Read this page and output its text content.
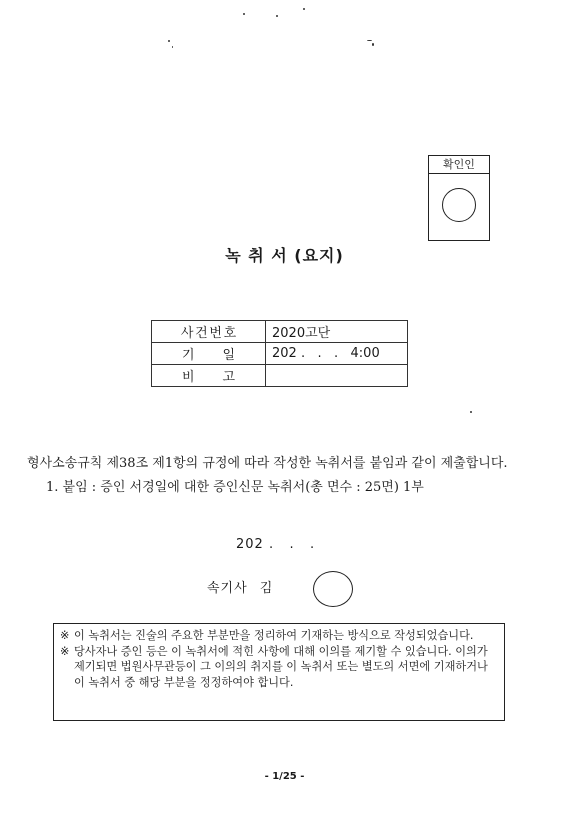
확인인
녹 취 서 (요지)
사 건 번 호	2020고단

기 일	202 .   .   .   4:00

비 고	

형사소송규칙 제38조 제1항의 규정에 따라 작성한 녹취서를 붙임과 같이 제출합니다.
1. 붙임 : 증인 서경일에 대한 증인신문 녹취서(총 면수 : 25면) 1부
202 .   .   .
속기사 김
※ 이 녹취서는 진술의 주요한 부분만을 정리하여 기재하는 방식으로 작성되었습니다.
※ 당사자나 증인 등은 이 녹취서에 적힌 사항에 대해 이의를 제기할 수 있습니다. 이의가 제기되면 법원사무관등이 그 이의의 취지를 이 녹취서 또는 별도의 서면에 기재하거나 이 녹취서 중 해당 부분을 정정하여야 합니다.
- 1/25 -
